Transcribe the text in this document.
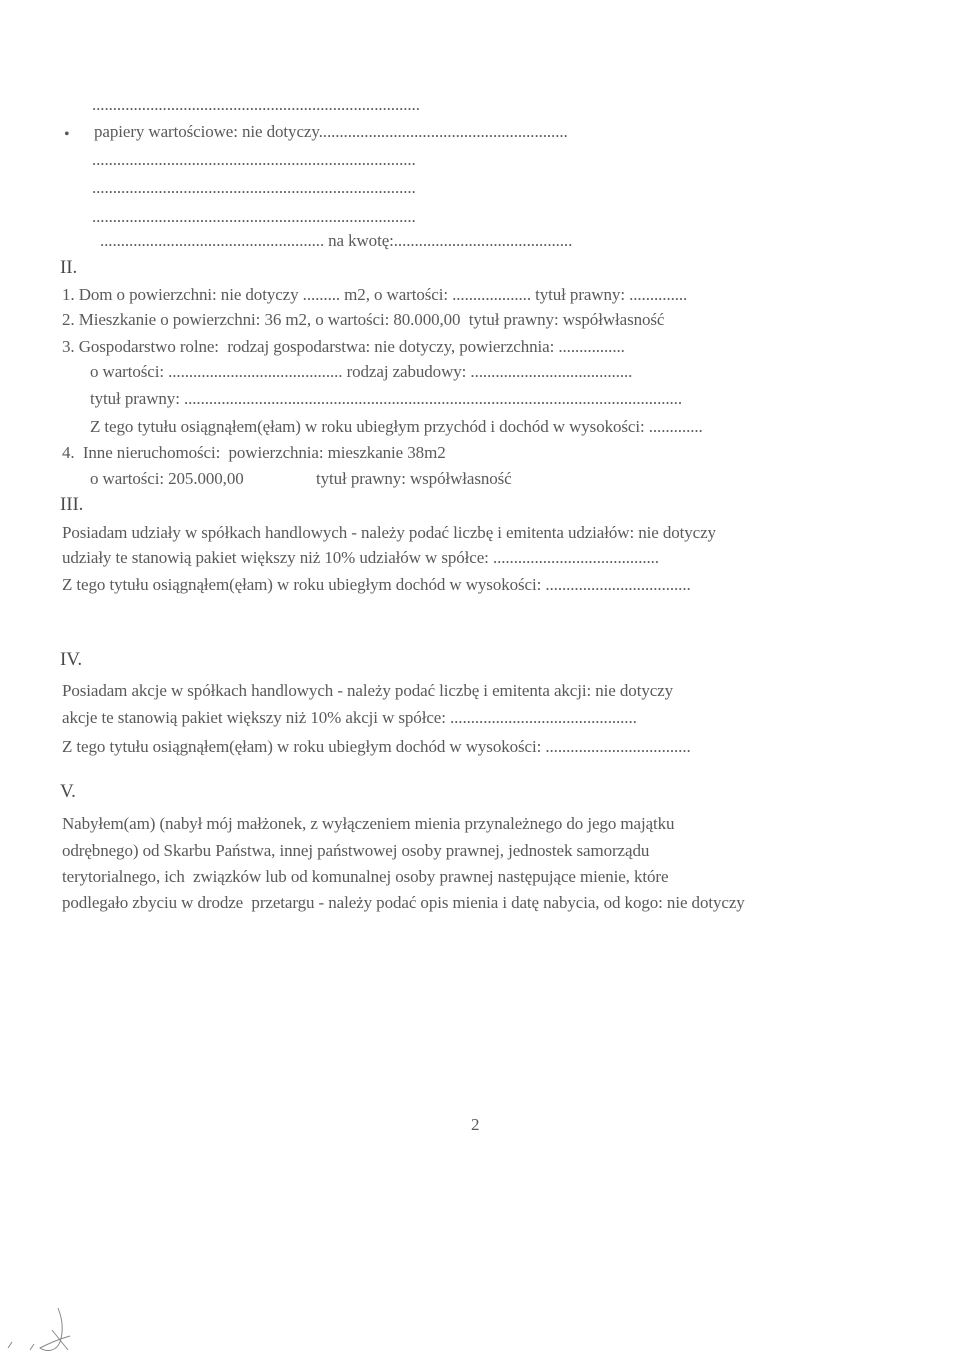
...............................................................................
• papiery wartościowe: nie dotyczy............................................................
..............................................................................
..............................................................................
..............................................................................
...................................................... na kwotę:...........................................
II.
1. Dom o powierzchni: nie dotyczy ......... m2, o wartości: ................... tytuł prawny: ..............
2. Mieszkanie o powierzchni: 36 m2, o wartości: 80.000,00  tytuł prawny: współwłasność
3. Gospodarstwo rolne:  rodzaj gospodarstwa: nie dotyczy, powierzchnia: ................
o wartości: .......................................... rodzaj zabudowy: .......................................
tytuł prawny: ........................................................................................................................
Z tego tytułu osiągnąłem(ęłam) w roku ubiegłym przychód i dochód w wysokości: .............
4.  Inne nieruchomości:  powierzchnia: mieszkanie 38m2
o wartości: 205.000,00	tytuł prawny: współwłasność
III.
Posiadam udziały w spółkach handlowych - należy podać liczbę i emitenta udziałów: nie dotyczy
udziały te stanowią pakiet większy niż 10% udziałów w spółce: ........................................
Z tego tytułu osiągnąłem(ęłam) w roku ubiegłym dochód w wysokości: ...................................
IV.
Posiadam akcje w spółkach handlowych - należy podać liczbę i emitenta akcji: nie dotyczy
akcje te stanowią pakiet większy niż 10% akcji w spółce: .............................................
Z tego tytułu osiągnąłem(ęłam) w roku ubiegłym dochód w wysokości: ...................................
V.
Nabyłem(am) (nabył mój małżonek, z wyłączeniem mienia przynależnego do jego majątku
odrębnego) od Skarbu Państwa, innej państwowej osoby prawnej, jednostek samorządu
terytorialnego, ich  związków lub od komunalnej osoby prawnej następujące mienie, które
podlegało zbyciu w drodze  przetargu - należy podać opis mienia i datę nabycia, od kogo: nie dotyczy
2
